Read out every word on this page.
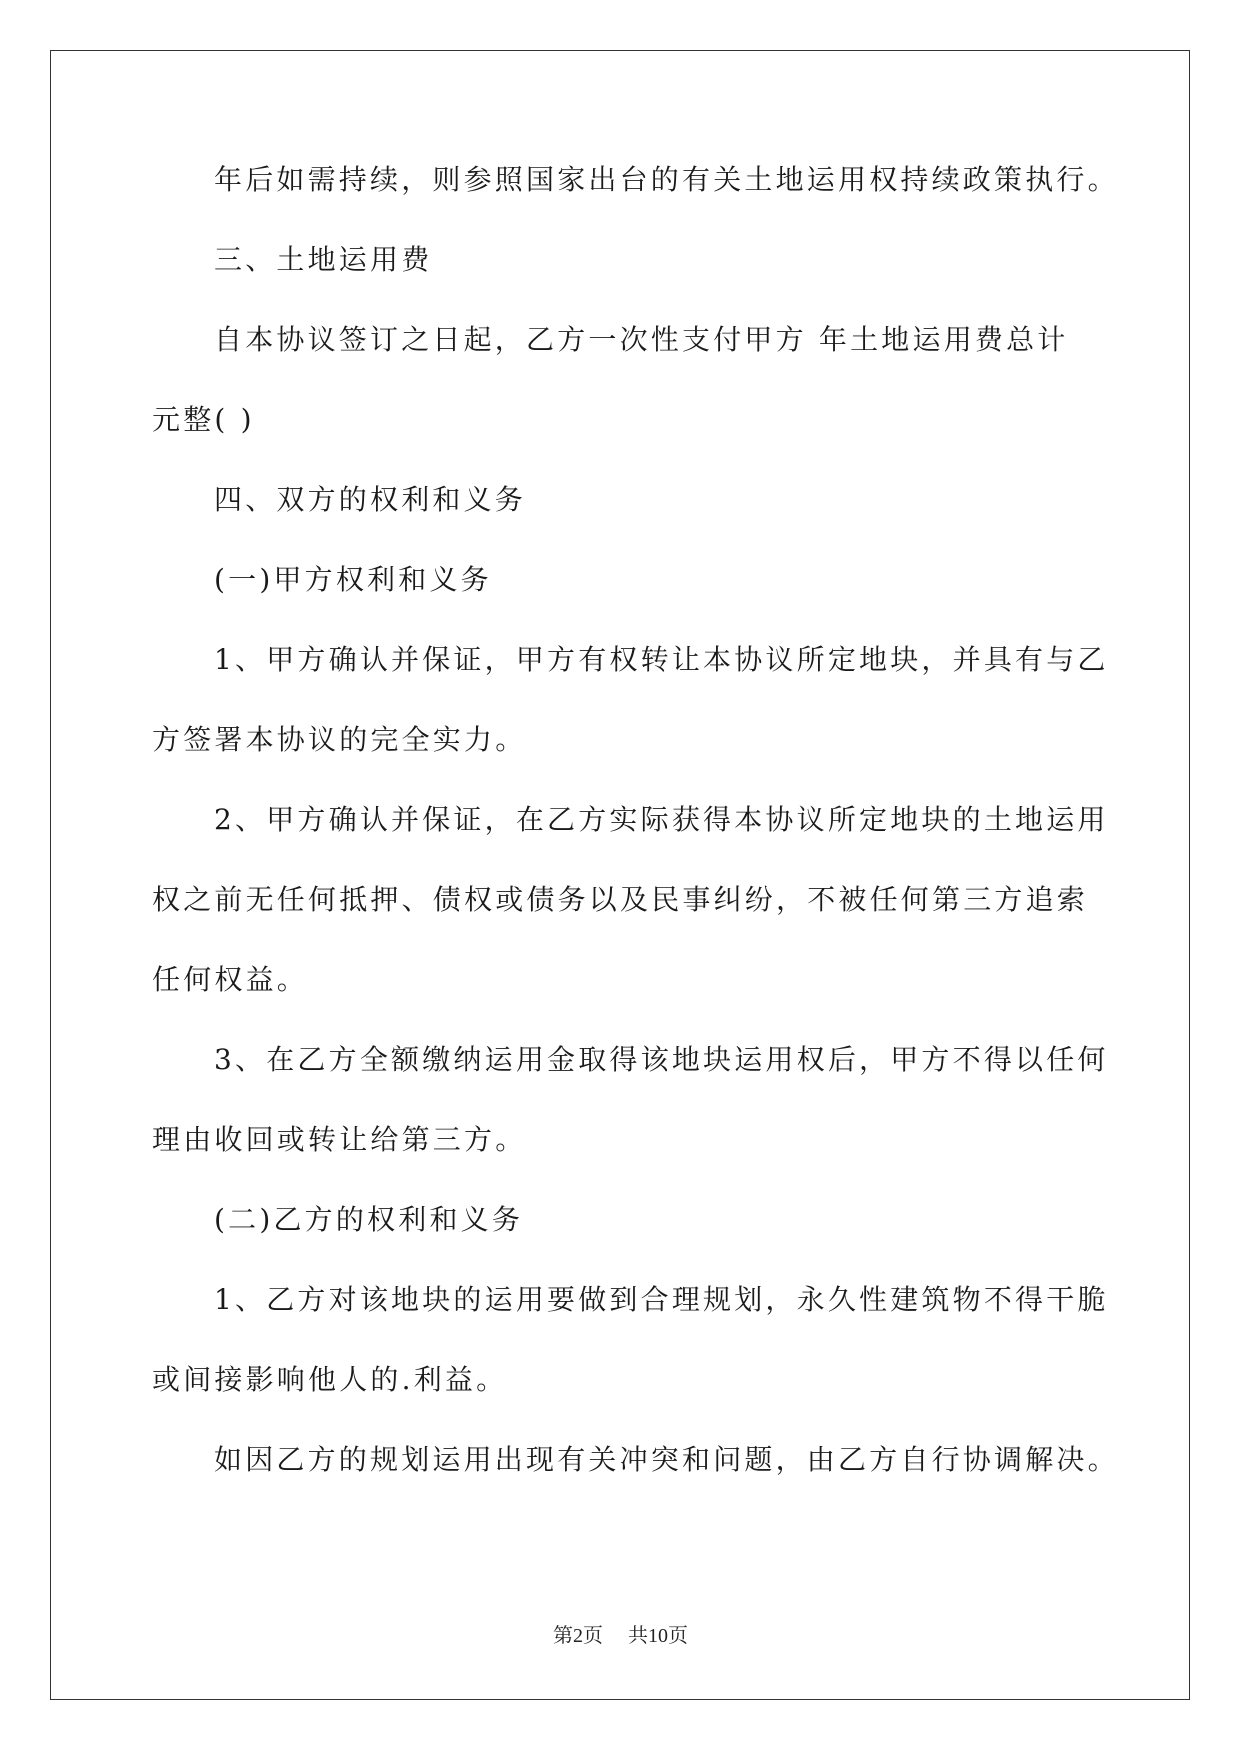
年后如需持续，则参照国家出台的有关土地运用权持续政策执行。
三、土地运用费
自本协议签订之日起，乙方一次性支付甲方 年土地运用费总计
元整( )
四、双方的权利和义务
(一)甲方权利和义务
1、甲方确认并保证，甲方有权转让本协议所定地块，并具有与乙
方签署本协议的完全实力。
2、甲方确认并保证，在乙方实际获得本协议所定地块的土地运用
权之前无任何抵押、债权或债务以及民事纠纷，不被任何第三方追索
任何权益。
3、在乙方全额缴纳运用金取得该地块运用权后，甲方不得以任何
理由收回或转让给第三方。
(二)乙方的权利和义务
1、乙方对该地块的运用要做到合理规划，永久性建筑物不得干脆
或间接影响他人的.利益。
如因乙方的规划运用出现有关冲突和问题，由乙方自行协调解决。
第2页 共10页
